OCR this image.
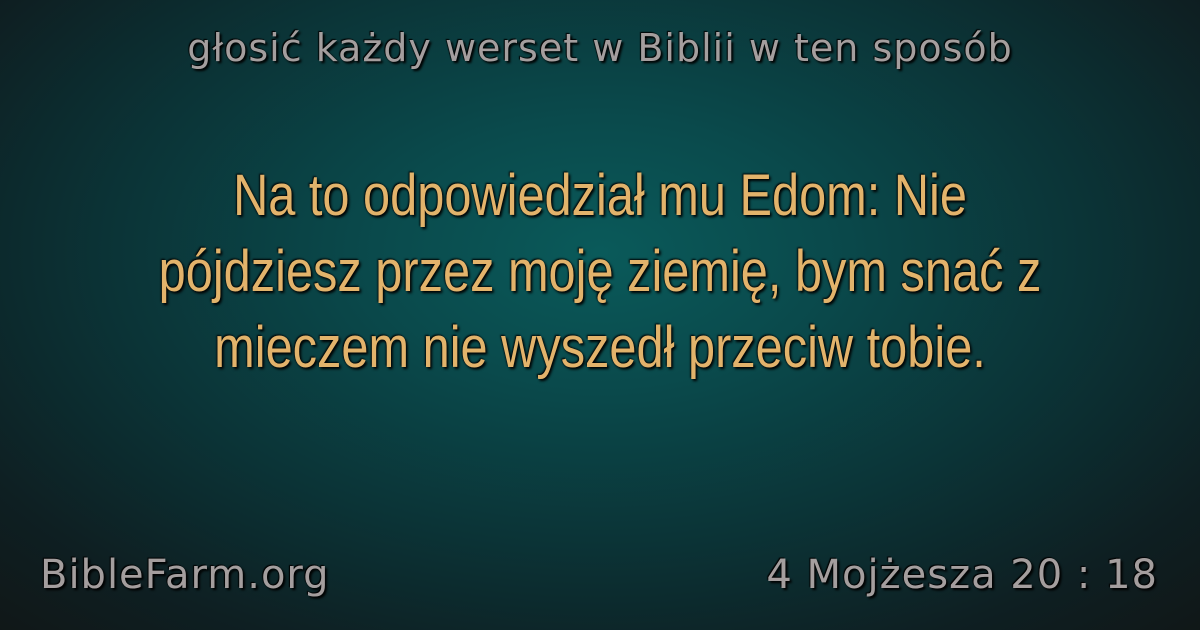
głosić każdy werset w Biblii w ten sposób
Na to odpowiedział mu Edom: Nie pójdziesz przez moję ziemię, bym snać z mieczem nie wyszedł przeciw tobie.
BibleFarm.org	4 Mojżesza 20 : 18
